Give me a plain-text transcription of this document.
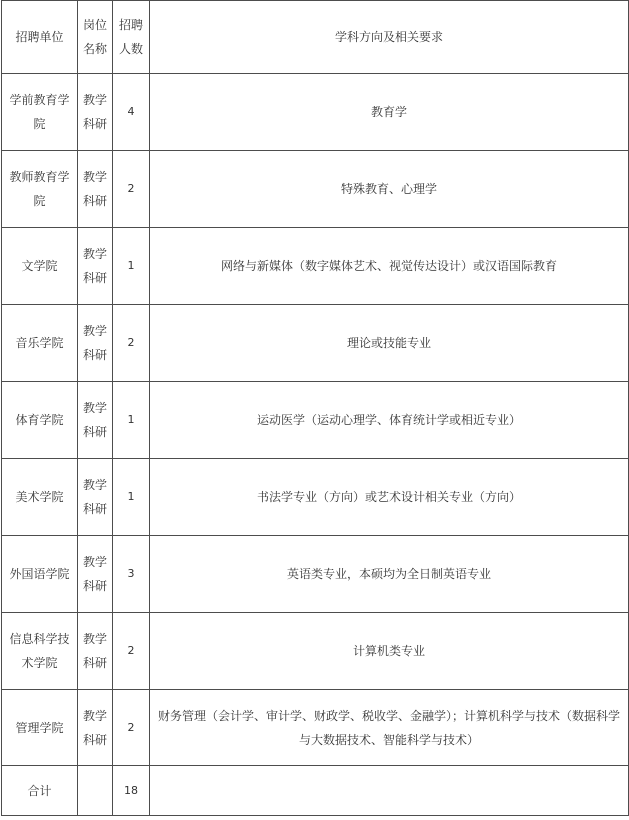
招聘单位	岗位名称	招聘人数	学科方向及相关要求
学前教育学院	教学科研	4	教育学
教师教育学院	教学科研	2	特殊教育、心理学
文学院	教学科研	1	网络与新媒体（数字媒体艺术、视觉传达设计）或汉语国际教育
音乐学院	教学科研	2	理论或技能专业
体育学院	教学科研	1	运动医学（运动心理学、体育统计学或相近专业）
美术学院	教学科研	1	书法学专业（方向）或艺术设计相关专业（方向）
外国语学院	教学科研	3	英语类专业，本硕均为全日制英语专业
信息科学技术学院	教学科研	2	计算机类专业
管理学院	教学科研	2	财务管理（会计学、审计学、财政学、税收学、金融学）；计算机科学与技术（数据科学与大数据技术、智能科学与技术）
合计		18	
